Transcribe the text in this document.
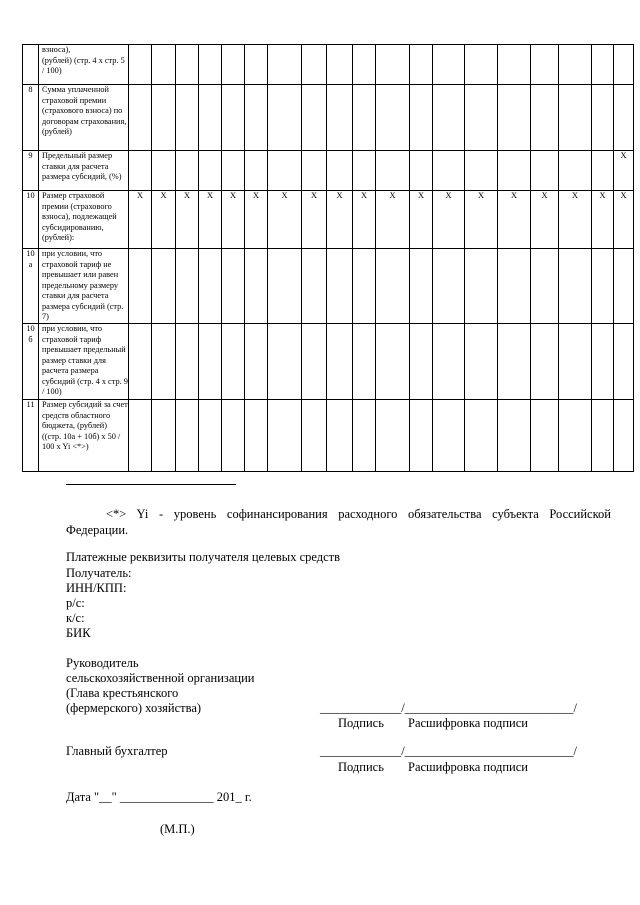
	взноса),
(рублей) (стр. 4 x стр. 5 / 100)																			
8	Сумма уплаченной страховой премии (страхового взноса) по договорам страхования, (рублей)																			
9	Предельный размер ставки для расчета размера субсидий, (%)																			X
10	Размер страховой премии (страхового взноса), подлежащей субсидированию, (рублей):	X	X	X	X	X	X	X	X	X	X	X	X	X	X	X	X	X	X	X
10 а	при условии, что страховой тариф не превышает или равен предельному размеру ставки для расчета размера субсидий (стр. 7)																			
10 б	при условии, что страховой тариф превышает предельный размер ставки для расчета размера субсидий (стр. 4 x стр. 9 / 100)																			
11	Размер субсидий за счет средств областного бюджета, (рублей) ((стр. 10а + 10б) x 50 / 100 x Yi <*>)																			
<*> Yi - уровень софинансирования расходного обязательства субъекта Российской Федерации.
Платежные реквизиты получателя целевых средств
Получатель:
ИНН/КПП:
р/с:
к/с:
БИК
Руководитель
сельскохозяйственной организации
(Глава крестьянского
(фермерского) хозяйства)	_____________/___________________________/
Подпись Расшифровка подписи
Главный бухгалтер	_____________/___________________________/
Подпись Расшифровка подписи
Дата "__" _______________ 201_ г.
(М.П.)
